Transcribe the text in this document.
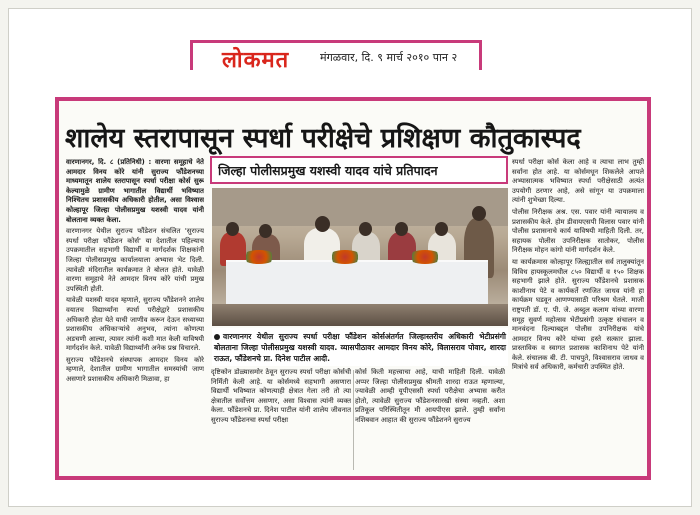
लोकमत	मंगळवार, दि. ९ मार्च २०१० पान २
शालेय स्तरापासून स्पर्धा परीक्षेचे प्रशिक्षण कौतुकास्पद
जिल्हा पोलीसप्रमुख यशस्वी यादव यांचे प्रतिपादन

वारणानगर, दि. ८ (प्रतिनिधी) : वारणा समूहाचे नेते आमदार विनय कोरे यांनी सुराज्य फौंडेशनच्या माध्यमातून शालेय स्तरापासून स्पर्धा परीक्षा कोर्स सुरू केल्यामुळे ग्रामीण भागातील विद्यार्थी भविष्यात निश्चितच प्रशासकीय अधिकारी होतील, असा विश्वास कोल्हापूर जिल्हा पोलीसप्रमुख यशस्वी यादव यांनी बोलताना व्यक्त केला.

वारणानगर येथील सुराज्य फौंडेशन संचलित 'सुराज्य स्पर्धा परीक्षा फौंडेशन कोर्स' या देशातील पहिल्याच उपक्रमातील सहभागी विद्यार्थी व मार्गदर्शक शिक्षकांनी जिल्हा पोलीसप्रमुख कार्यालयाला अभ्यास भेट दिली. त्यावेळी मंदिरातील कार्यक्रमात ते बोलत होते. यावेळी वारणा समूहाचे नेते आमदार विनय कोरे यांची प्रमुख उपस्थिती होती.

यावेळी यशस्वी यादव म्हणाले, सुराज्य फौंडेशनने शालेय वयातच विद्यार्थ्यांना स्पर्धा परीक्षेद्वारे प्रशासकीय अधिकारी होता येते याची जाणीव करून देऊन सध्याच्या प्रशासकीय अधिकाऱ्यांचे अनुभव, त्यांना कोणत्या अडचणी आल्या, त्यावर त्यांनी कशी मात केली याविषयी मार्गदर्शन केले. यावेळी विद्यार्थ्यांनी अनेक प्रश्न विचारले.

सुराज्य फौंडेशनचे संस्थापक आमदार विनय कोरे म्हणाले, देशातील ग्रामीण भागातील समस्यांची जाण असणारे प्रशासकीय अधिकारी मिळावा, हा

वारणानगर येथील सुराज्य स्पर्धा परीक्षा फौंडेशन कोर्सअंतर्गत जिल्हास्तरीय अधिकारी भेटीप्रसंगी बोलताना जिल्हा पोलीसप्रमुख यशस्वी यादव. व्यासपीठावर आमदार विनय कोरे, विलासराव पोवार, शारदा राऊत, फौंडेशनचे प्रा. दिनेश पाटील आदी.

दृष्टिकोन डोळ्यासमोर ठेवून सुराज्य स्पर्धा परीक्षा कोर्सची निर्मिती केली आहे. या कोर्समध्ये सहभागी असणारा विद्यार्थी भविष्यात कोणत्याही क्षेत्रात गेला तरी तो त्या क्षेत्रातील सर्वोत्तम असणार, असा विश्वास त्यांनी व्यक्त केला. फौंडेशनचे प्रा. दिनेश पाटील यांनी शालेय जीवनात सुराज्य फौंडेशनचा स्पर्धा परीक्षा

कोर्स किती महत्त्वाचा आहे, याची माहिती दिली. यावेळी अप्पर जिल्हा पोलीसप्रमुख श्रीमती शारदा राऊत म्हणाल्या, ज्यावेळी आम्ही यूपीएससी स्पर्धा परीक्षेचा अभ्यास करीत होतो, त्यावेळी सुराज्य फौंडेशनसारखी संस्था नव्हती. अशा प्रतिकूल परिस्थितीतून मी आयपीएस झाले. तुम्ही सर्वांना नशिबवान आहात की सुराज्य फौंडेशनने सुराज्य

स्पर्धा परीक्षा कोर्स केला आहे व त्याचा लाभ तुम्ही सर्वांना होत आहे. या कोर्समधून शिकलेले आपले अभ्यासात्मक भविष्यात स्पर्धा परीक्षेसाठी अत्यंत उपयोगी ठरणार आहे, असे सांगून या उपक्रमाला त्यांनी शुभेच्छा दिल्या.

पोलीस निरीक्षक अश्र. एस. पवार यांनी न्यायालय व प्रशासकीय केले. होम डीवायएसपी विलास पवार यांनी पोलीस प्रशासनाचे कार्य याविषयी माहिती दिली. तर, सहायक पोलीस उपनिरीक्षक सातोकर, पोलीस निरीक्षक मोहन कांगो यांनी मार्गदर्शन केले.

या कार्यक्रमास कोल्हापूर जिल्ह्यातील सर्व तालुक्यांतून विविध हायस्कूलमधील ८५० विद्यार्थी व १५० शिक्षक सहभागी झाले होते. सुराज्य फौंडेशनचे प्रशासक काशीनाथ पेटे व कार्यकर्ते रणजित जाधव यांनी हा कार्यक्रम घडवून आणण्यासाठी परिश्रम घेतले. माजी राष्ट्रपती डॉ. ए. पी. जे. अब्दुल कलाम यांच्या वारणा समूह सुवर्ण महोत्सव भेटीप्रसंगी उत्कृष्ट संचालन व मानवंदना दिल्याबद्दल पोलीस उपनिरीक्षक यांचे आमदार विनय कोरे यांच्या हस्ते सत्कार झाला. प्रास्ताविक व स्वागत प्रशासक काशिनाथ पेटे यांनी केले. संचालक बी. टी. पाचपुते, विश्वासराव जाधव व मित्रांचे सर्व अधिकारी, कर्मचारी उपस्थित होते.
